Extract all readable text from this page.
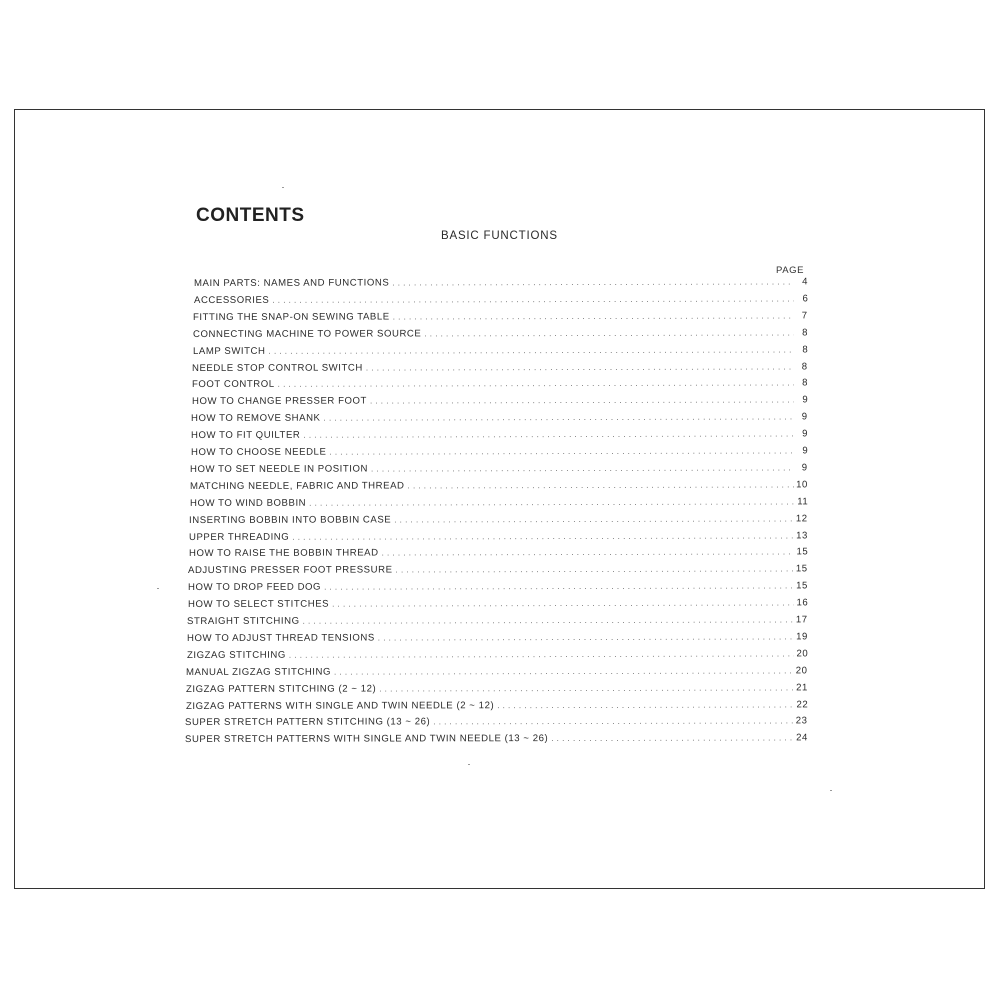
CONTENTS
BASIC FUNCTIONS
PAGE
MAIN PARTS: NAMES AND FUNCTIONS .....	4
ACCESSORIES .....	6
FITTING THE SNAP-ON SEWING TABLE .....	7
CONNECTING MACHINE TO POWER SOURCE .....	8
LAMP SWITCH .....	8
NEEDLE STOP CONTROL SWITCH .....	8
FOOT CONTROL .....	8
HOW TO CHANGE PRESSER FOOT .....	9
HOW TO REMOVE SHANK .....	9
HOW TO FIT QUILTER .....	9
HOW TO CHOOSE NEEDLE .....	9
HOW TO SET NEEDLE IN POSITION .....	9
MATCHING NEEDLE, FABRIC AND THREAD .....	10
HOW TO WIND BOBBIN .....	11
INSERTING BOBBIN INTO BOBBIN CASE .....	12
UPPER THREADING .....	13
HOW TO RAISE THE BOBBIN THREAD .....	15
ADJUSTING PRESSER FOOT PRESSURE .....	15
HOW TO DROP FEED DOG .....	15
HOW TO SELECT STITCHES .....	16
STRAIGHT STITCHING .....	17
HOW TO ADJUST THREAD TENSIONS .....	19
ZIGZAG STITCHING .....	20
MANUAL ZIGZAG STITCHING .....	20
ZIGZAG PATTERN STITCHING (2 ~ 12) .....	21
ZIGZAG PATTERNS WITH SINGLE AND TWIN NEEDLE (2 ~ 12) .....	22
SUPER STRETCH PATTERN STITCHING (13 ~ 26) .....	23
SUPER STRETCH PATTERNS WITH SINGLE AND TWIN NEEDLE (13 ~ 26) .....	24
